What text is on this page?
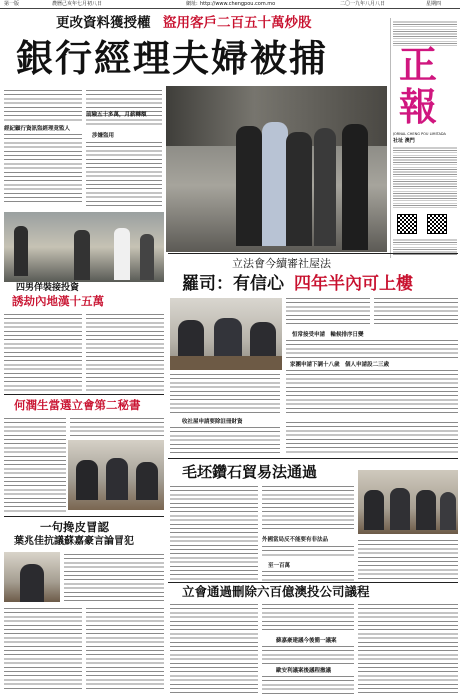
第一版	農曆己亥年七月初八日	網址: http://www.chengpou.com.mo	二〇一九年八月八日	星期四
更改資料獲授權 盜用客戶二百五十萬炒股
銀行經理夫婦被捕 正
報
JORNAL CHENG POU LIMITADA
社址 澳門
經紀顧行資訊盜經理竟監人
前險五十多萬，月薪轉額
涉嫌盜用
四男佯裝接投資
誘劫內地漢十五萬
立法會今續審社屋法
羅司：有信心 四年半內可上樓
恒常接受申請　輪候排序日變
家團申請下調十八歲　個人申請設二三歲
收社屋申請要除註冊財資
何潤生當選立會第二秘書
毛坯鑽石貿易法通過
外國當局反不能要有非法品
至一百萬
一句搀皮冒認
葉兆佳抗議蘇嘉豪言論冒犯
立會通過刪除六百億澳投公司議程
蘇嘉豪建議今後簡一議案
歐安利議案後議程撤議
